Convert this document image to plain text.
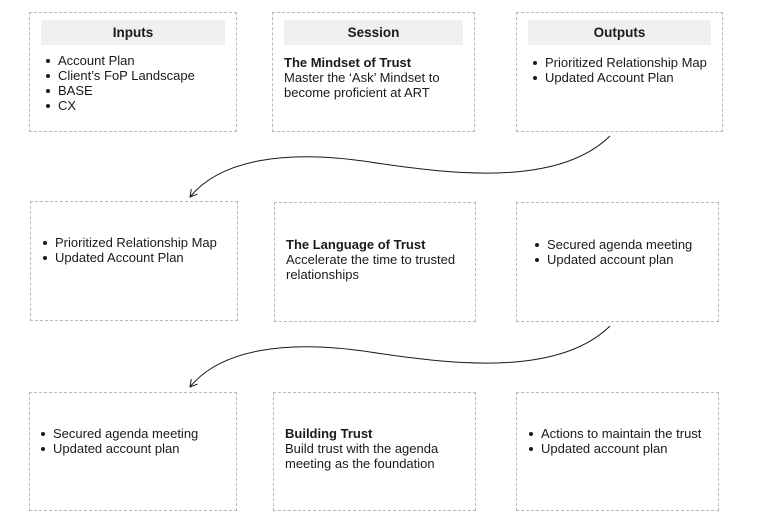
Inputs
Account Plan
Client’s FoP Landscape
BASE
CX
Session
The Mindset of Trust
Master the ‘Ask’ Mindset to become proficient at ART
Outputs
Prioritized Relationship Map
Updated Account Plan
Prioritized Relationship Map
Updated Account Plan
The Language of Trust
Accelerate the time to trusted relationships
Secured agenda meeting
Updated account plan
Secured agenda meeting
Updated account plan
Building Trust
Build trust with the agenda meeting as the foundation
Actions to maintain the trust
Updated account plan
